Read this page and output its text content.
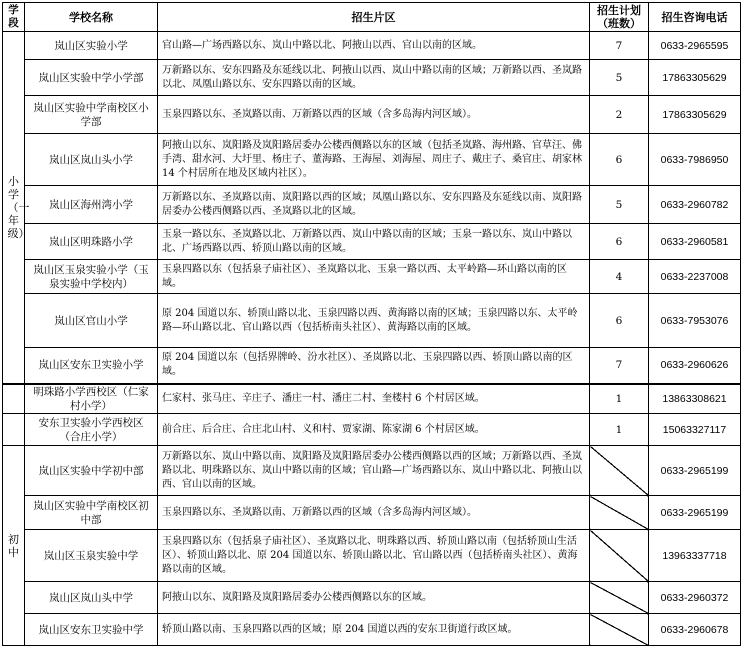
学段	学校名称	招生片区	招生计划（班数）	招生咨询电话

小学（一年级）	岚山区实验小学	官山路—广场西路以东、岚山中路以北、阿掖山以西、官山以南的区域。	7	0633-2965595
	岚山区实验中学小学部	万新路以东、安东四路及东延线以北、阿掖山以西、岚山中路以南的区域；万新路以西、圣岚路以北、凤凰山路以东、安东四路以南的区域。	5	17863305629
	岚山区实验中学南校区小学部	玉泉四路以东、圣岚路以南、万新路以西的区域（含多岛海内河区域）。	2	17863305629
	岚山区岚山头小学	阿掖山以东、岚阳路及岚阳路居委办公楼西侧路以东的区域（包括圣岚路、海州路、官草汪、佛手湾、甜水河、大圩里、杨庄子、董海路、王海屋、刘海屋、周庄子、戴庄子、桑官庄、胡家林 14 个村居所在地及区域内社区）。	6	0633-7986950
	岚山区海州湾小学	万新路以东、圣岚路以南、岚阳路以西的区域；凤凰山路以东、安东四路及东延线以南、岚阳路居委办公楼西侧路以西、圣岚路以北的区域。	5	0633-2960782
	岚山区明珠路小学	玉泉一路以东、圣岚路以北、万新路以西、岚山中路以南的区域；玉泉一路以东、岚山中路以北、广场西路以西、轿顶山路以南的区域。	6	0633-2960581
	岚山区玉泉实验小学（玉泉实验中学校内）	玉泉四路以东（包括泉子庙社区）、圣岚路以北、玉泉一路以西、太平岭路—环山路以南的区域。	4	0633-2237008
	岚山区官山小学	原 204 国道以东、轿顶山路以北、玉泉四路以西、黄海路以南的区域；玉泉四路以东、太平岭路—环山路以北、官山路以西（包括桥南头社区）、黄海路以南的区域。	6	0633-7953076
	岚山区安东卫实验小学	原 204 国道以东（包括界牌岭、汾水社区）、圣岚路以北、玉泉四路以西、轿顶山路以南的区域。	7	0633-2960626
	明珠路小学西校区（仁家村小学）	仁家村、张马庄、辛庄子、潘庄一村、潘庄二村、奎楼村 6 个村居区域。	1	13863308621
	安东卫实验小学西校区（合庄小学）	前合庄、后合庄、合庄北山村、义和村、贾家湖、陈家湖 6 个村居区域。	1	15063327117

初中	岚山区实验中学初中部	万新路以东、岚山中路以南、岚阳路及岚阳路居委办公楼西侧路以西的区域；万新路以西、圣岚路以北、明珠路以东、岚山中路以南的区域；官山路—广场西路以东、岚山中路以北、阿掖山以西、官山以南的区域。		0633-2965199
	岚山区实验中学南校区初中部	玉泉四路以东、圣岚路以南、万新路以西的区域（含多岛海内河区域）。		0633-2965199
	岚山区玉泉实验中学	玉泉四路以东（包括泉子庙社区）、圣岚路以北、明珠路以西、轿顶山路以南（包括轿顶山生活区）、轿顶山路以北、原 204 国道以东、轿顶山路以北、官山路以西（包括桥南头社区）、黄海路以南的区域。		13963337718
	岚山区岚山头中学	阿掖山以东、岚阳路及岚阳路居委办公楼西侧路以东的区域。		0633-2960372
	岚山区安东卫实验中学	轿顶山路以南、玉泉四路以西的区域；原 204 国道以西的安东卫街道行政区域。		0633-2960678
